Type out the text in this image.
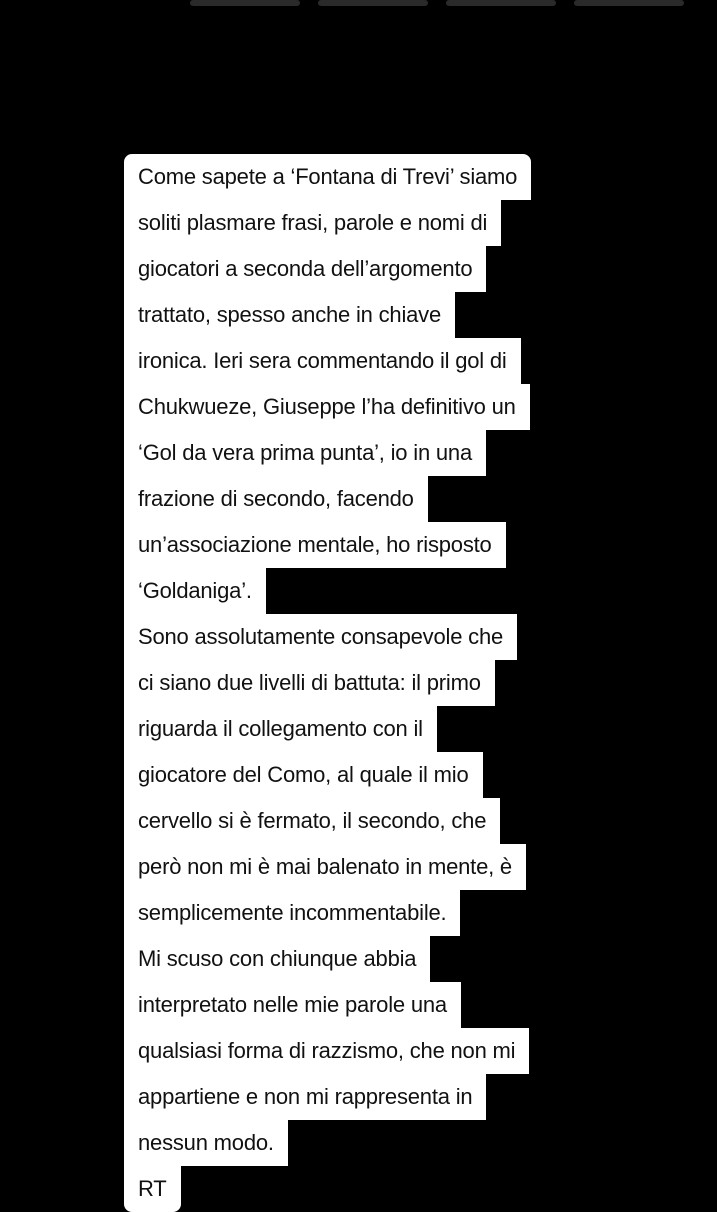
Come sapete a ‘Fontana di Trevi’ siamo
soliti plasmare frasi, parole e nomi di
giocatori a seconda dell’argomento
trattato, spesso anche in chiave
ironica. Ieri sera commentando il gol di
Chukwueze, Giuseppe l’ha definitivo un
‘Gol da vera prima punta’, io in una
frazione di secondo, facendo
un’associazione mentale, ho risposto
‘Goldaniga’.
Sono assolutamente consapevole che
ci siano due livelli di battuta: il primo
riguarda il collegamento con il
giocatore del Como, al quale il mio
cervello si è fermato, il secondo, che
però non mi è mai balenato in mente, è
semplicemente incommentabile.
Mi scuso con chiunque abbia
interpretato nelle mie parole una
qualsiasi forma di razzismo, che non mi
appartiene e non mi rappresenta in
nessun modo.
RT
